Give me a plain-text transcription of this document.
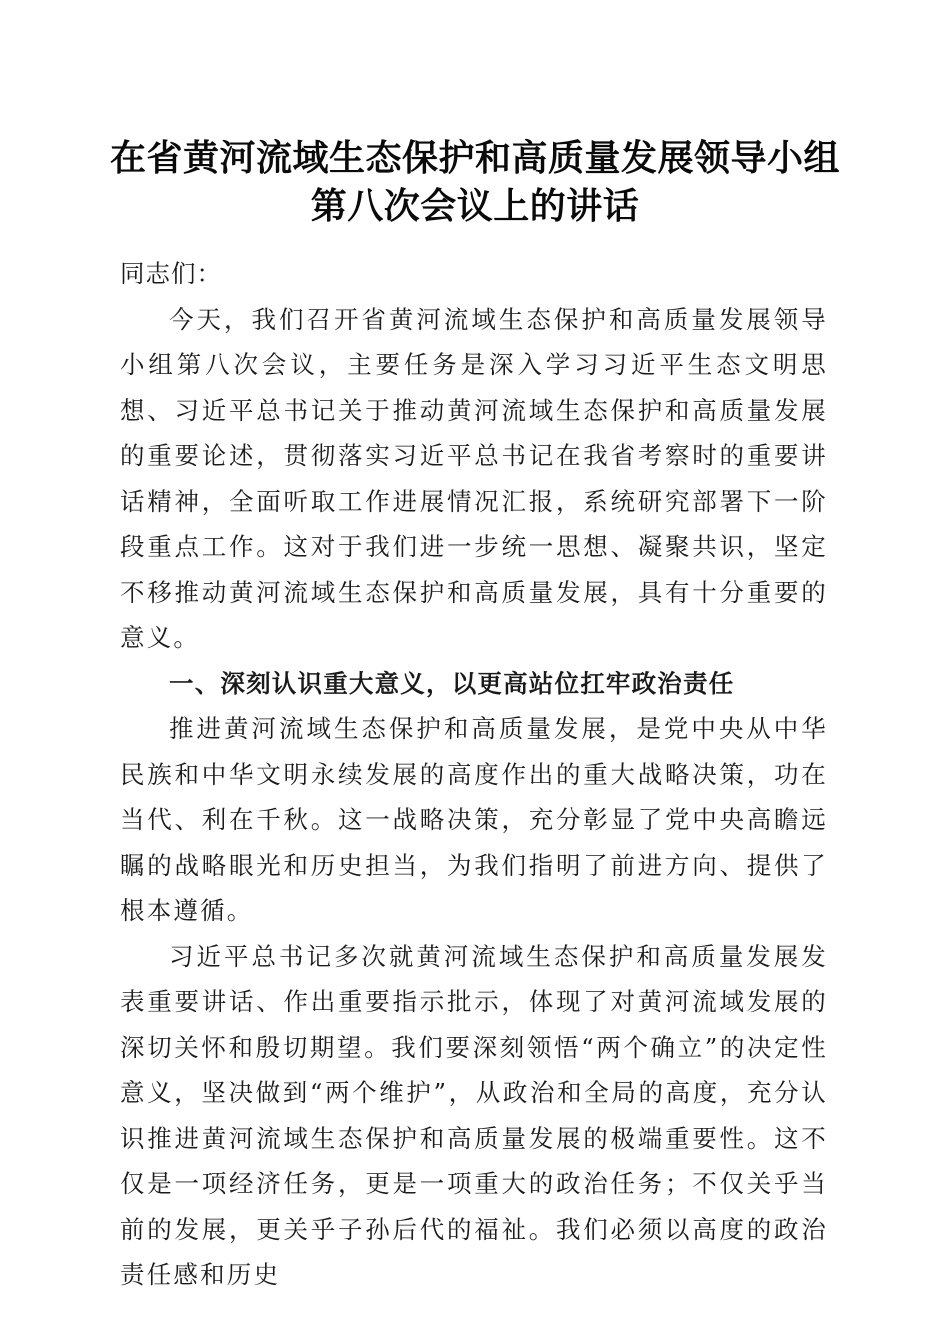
在省黄河流域生态保护和高质量发展领导小组
第八次会议上的讲话

同志们：

今天，我们召开省黄河流域生态保护和高质量发展领导小组第八次会议，主要任务是深入学习习近平生态文明思想、习近平总书记关于推动黄河流域生态保护和高质量发展的重要论述，贯彻落实习近平总书记在我省考察时的重要讲话精神，全面听取工作进展情况汇报，系统研究部署下一阶段重点工作。这对于我们进一步统一思想、凝聚共识，坚定不移推动黄河流域生态保护和高质量发展，具有十分重要的意义。

一、深刻认识重大意义，以更高站位扛牢政治责任

推进黄河流域生态保护和高质量发展，是党中央从中华民族和中华文明永续发展的高度作出的重大战略决策，功在当代、利在千秋。这一战略决策，充分彰显了党中央高瞻远瞩的战略眼光和历史担当，为我们指明了前进方向、提供了根本遵循。

习近平总书记多次就黄河流域生态保护和高质量发展发表重要讲话、作出重要指示批示，体现了对黄河流域发展的深切关怀和殷切期望。我们要深刻领悟“两个确立”的决定性意义，坚决做到“两个维护”，从政治和全局的高度，充分认识推进黄河流域生态保护和高质量发展的极端重要性。这不仅是一项经济任务，更是一项重大的政治任务；不仅关乎当前的发展，更关乎子孙后代的福祉。我们必须以高度的政治责任感和历史
